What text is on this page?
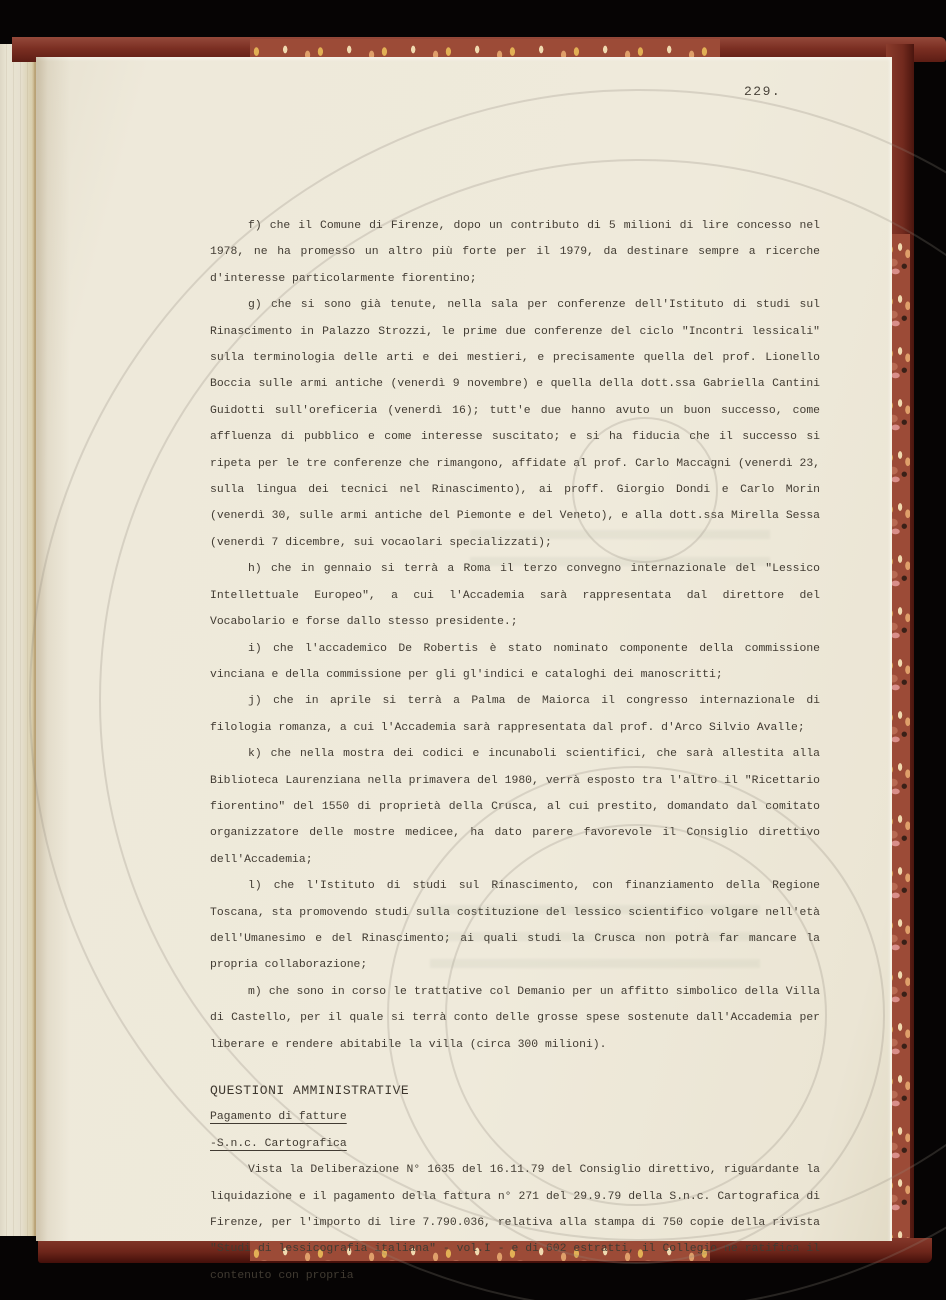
229.

f) che il Comune di Firenze, dopo un contributo di 5 milioni di lire concesso nel 1978, ne ha promesso un altro più forte per il 1979, da destinare sempre a ricerche d'interesse particolarmente fiorentino;

g) che si sono già tenute, nella sala per conferenze dell'Istituto di studi sul Rinascimento in Palazzo Strozzi, le prime due conferenze del ciclo "Incontri lessicali" sulla terminologia delle arti e dei mestieri, e precisamente quella del prof. Lionello Boccia sulle armi antiche (venerdì 9 novembre) e quella della dott.ssa Gabriella Cantini Guidotti sull'oreficeria (venerdì 16); tutt'e due hanno avuto un buon successo, come affluenza di pubblico e come interesse suscitato; e si ha fiducia che il successo si ripeta per le tre conferenze che rimangono, affidate al prof. Carlo Maccagni (venerdì 23, sulla lingua dei tecnici nel Rinascimento), ai proff. Giorgio Dondi e Carlo Morin (venerdì 30, sulle armi antiche del Piemonte e del Veneto), e alla dott.ssa Mirella Sessa (venerdì 7 dicembre, sui vocaolari specializzati);

h) che in gennaio si terrà a Roma il terzo convegno internazionale del "Lessico Intellettuale Europeo", a cui l'Accademia sarà rappresentata dal direttore del Vocabolario e forse dallo stesso presidente.;

i) che l'accademico De Robertis è stato nominato componente della commissione vinciana e della commissione per gli gl'indici e cataloghi dei manoscritti;

j) che in aprile si terrà a Palma de Maiorca il congresso internazionale di filologia romanza, a cui l'Accademia sarà rappresentata dal prof. d'Arco Silvio Avalle;

k) che nella mostra dei codici e incunaboli scientifici, che sarà allestita alla Biblioteca Laurenziana nella primavera del 1980, verrà esposto tra l'altro il "Ricettario fiorentino" del 1550 di proprietà della Crusca, al cui prestito, domandato dal comitato organizzatore delle mostre medicee, ha dato parere favorevole il Consiglio direttivo dell'Accademia;

l) che l'Istituto di studi sul Rinascimento, con finanziamento della Regione Toscana, sta promovendo studi sulla costituzione del lessico scientifico volgare nell'età dell'Umanesimo e del Rinascimento; ai quali studi la Crusca non potrà far mancare la propria collaborazione;

m) che sono in corso le trattative col Demanio per un affitto simbolico della Villa di Castello, per il quale si terrà conto delle grosse spese sostenute dall'Accademia per liberare e rendere abitabile la villa (circa 300 milioni).

QUESTIONI AMMINISTRATIVE

Pagamento di fatture

-S.n.c. Cartografica

Vista la Deliberazione N° 1635 del 16.11.79 del Consiglio direttivo, riguardante la liquidazione e il pagamento della fattura n° 271 del 29.9.79 della S.n.c. Cartografica di Firenze, per l'importo di lire 7.790.036, relativa alla stampa di 750 copie della rivista "Studi di lessicografia italiana" - vol.I - e di 602 estratti, il Collegio ne ratifica il contenuto con propria
